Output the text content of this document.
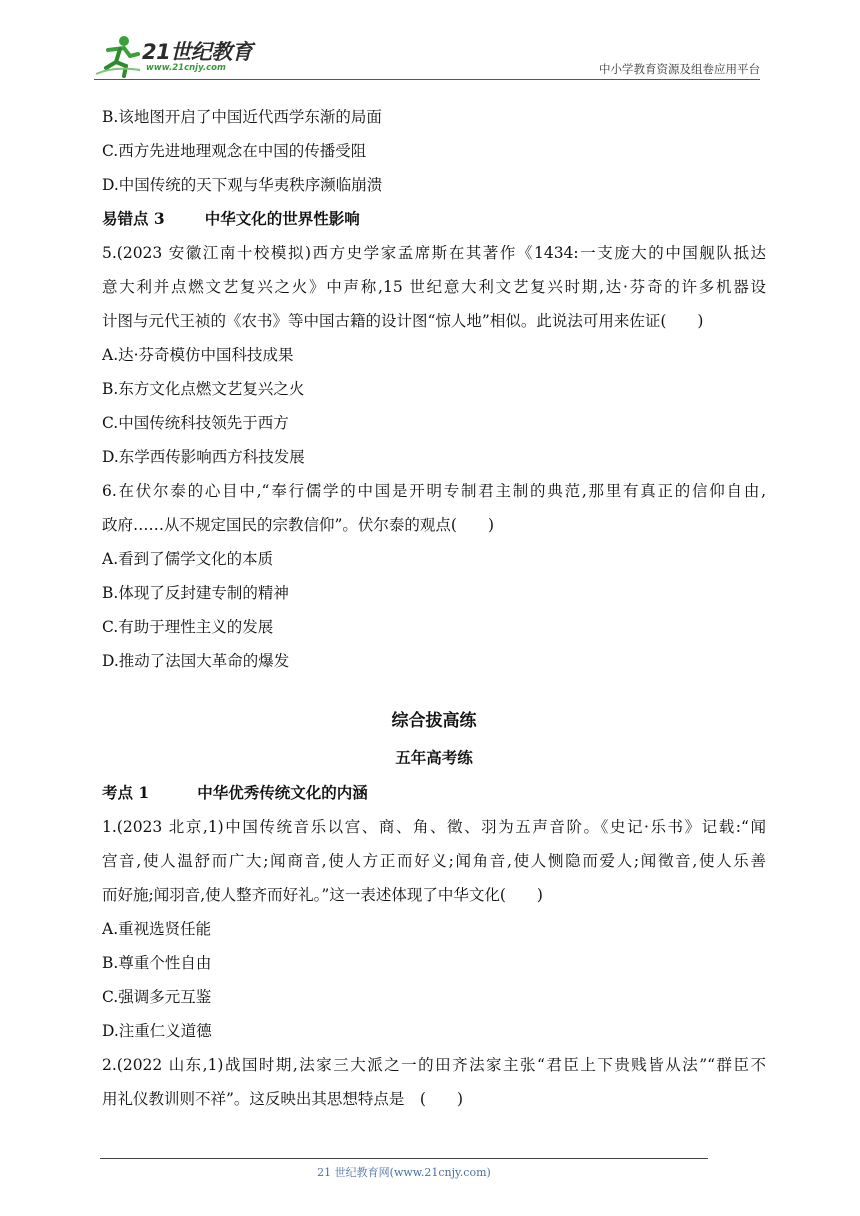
21世纪教育
www.21cnjy.com	中小学教育资源及组卷应用平台
B.该地图开启了中国近代西学东渐的局面
C.西方先进地理观念在中国的传播受阻
D.中国传统的天下观与华夷秩序濒临崩溃
易错点 3	中华文化的世界性影响
5.(2023 安徽江南十校模拟)西方史学家孟席斯在其著作《1434:一支庞大的中国舰队抵达
意大利并点燃文艺复兴之火》中声称,15 世纪意大利文艺复兴时期,达·芬奇的许多机器设
计图与元代王祯的《农书》等中国古籍的设计图“惊人地”相似。此说法可用来佐证(　　)
A.达·芬奇模仿中国科技成果
B.东方文化点燃文艺复兴之火
C.中国传统科技领先于西方
D.东学西传影响西方科技发展
6.在伏尔泰的心目中,“奉行儒学的中国是开明专制君主制的典范,那里有真正的信仰自由,
政府……从不规定国民的宗教信仰”。伏尔泰的观点(　　)
A.看到了儒学文化的本质
B.体现了反封建专制的精神
C.有助于理性主义的发展
D.推动了法国大革命的爆发
综合拔高练
五年高考练
考点 1	中华优秀传统文化的内涵
1.(2023 北京,1)中国传统音乐以宫、商、角、徵、羽为五声音阶。《史记·乐书》记载:“闻
宫音,使人温舒而广大;闻商音,使人方正而好义;闻角音,使人恻隐而爱人;闻徵音,使人乐善
而好施;闻羽音,使人整齐而好礼。”这一表述体现了中华文化(　　)
A.重视选贤任能
B.尊重个性自由
C.强调多元互鉴
D.注重仁义道德
2.(2022 山东,1)战国时期,法家三大派之一的田齐法家主张“君臣上下贵贱皆从法”“群臣不
用礼仪教训则不祥”。这反映出其思想特点是　(　　)
21 世纪教育网(www.21cnjy.com)
